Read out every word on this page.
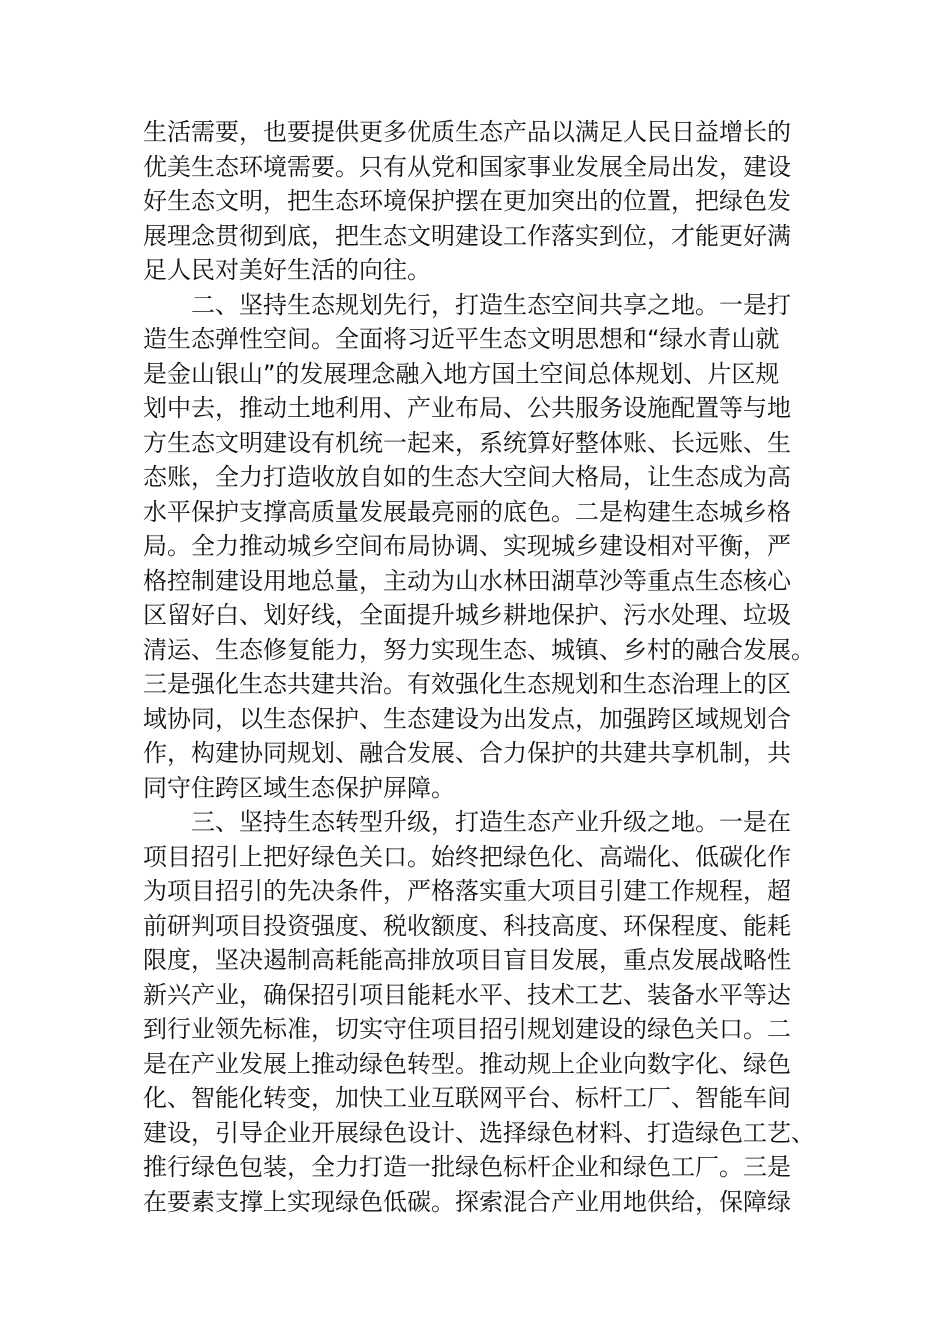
生活需要，也要提供更多优质生态产品以满足人民日益增长的
优美生态环境需要。只有从党和国家事业发展全局出发，建设
好生态文明，把生态环境保护摆在更加突出的位置，把绿色发
展理念贯彻到底，把生态文明建设工作落实到位，才能更好满
足人民对美好生活的向往。
二、坚持生态规划先行，打造生态空间共享之地。一是打
造生态弹性空间。全面将习近平生态文明思想和“绿水青山就
是金山银山”的发展理念融入地方国土空间总体规划、片区规
划中去，推动土地利用、产业布局、公共服务设施配置等与地
方生态文明建设有机统一起来，系统算好整体账、长远账、生
态账，全力打造收放自如的生态大空间大格局，让生态成为高
水平保护支撑高质量发展最亮丽的底色。二是构建生态城乡格
局。全力推动城乡空间布局协调、实现城乡建设相对平衡，严
格控制建设用地总量，主动为山水林田湖草沙等重点生态核心
区留好白、划好线，全面提升城乡耕地保护、污水处理、垃圾
清运、生态修复能力，努力实现生态、城镇、乡村的融合发展。
三是强化生态共建共治。有效强化生态规划和生态治理上的区
域协同，以生态保护、生态建设为出发点，加强跨区域规划合
作，构建协同规划、融合发展、合力保护的共建共享机制，共
同守住跨区域生态保护屏障。
三、坚持生态转型升级，打造生态产业升级之地。一是在
项目招引上把好绿色关口。始终把绿色化、高端化、低碳化作
为项目招引的先决条件，严格落实重大项目引建工作规程，超
前研判项目投资强度、税收额度、科技高度、环保程度、能耗
限度，坚决遏制高耗能高排放项目盲目发展，重点发展战略性
新兴产业，确保招引项目能耗水平、技术工艺、装备水平等达
到行业领先标准，切实守住项目招引规划建设的绿色关口。二
是在产业发展上推动绿色转型。推动规上企业向数字化、绿色
化、智能化转变，加快工业互联网平台、标杆工厂、智能车间
建设，引导企业开展绿色设计、选择绿色材料、打造绿色工艺、
推行绿色包装，全力打造一批绿色标杆企业和绿色工厂。三是
在要素支撑上实现绿色低碳。探索混合产业用地供给，保障绿
